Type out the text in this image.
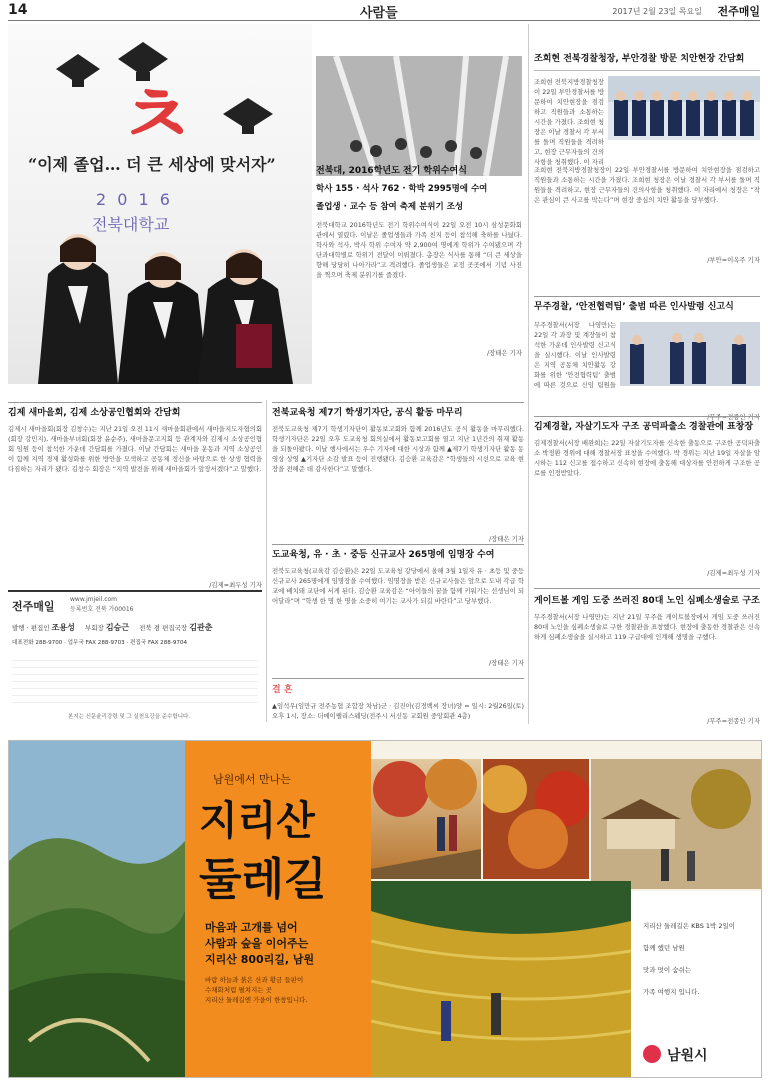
14	사람들	2017년 2월 23일 목요일 전주매일
ㅊ
“이제 졸업… 더 큰 세상에 맞서자”
2 0 1 6
전북대학교
전북대, 2016학년도 전기 학위수여식
학사 155 · 석사 762 · 학박 2995명에 수여
졸업생 · 교수 등 참여 축제 분위기 조성
전북대학교 2016학년도 전기 학위수여식이 22일 오전 10시 삼성문화회관에서 열렸다. 이날은 졸업생들과 가족 친지 등이 참석해 축하를 나눴다. 학사와 석사, 박사 학위 수여자 약 2,900여 명에게 학위가 수여됐으며 각 단과대학별로 학위기 전달이 이뤄졌다. 총장은 식사를 통해 “더 큰 세상을 향해 당당히 나아가라”고 격려했다. 졸업생들은 교정 곳곳에서 기념 사진을 찍으며 축제 분위기를 즐겼다.
/장태은 기자
조희현 전북경찰청장, 부안경찰 방문 치안현장 간담회
조희현 전북지방경찰청장이 22일 부안경찰서를 방문하여 치안현장을 점검하고 직원들과 소통하는 시간을 가졌다. 조희현 청장은 이날 경찰서 각 부서를 돌며 직원들을 격려하고, 현장 근무자들의 건의사항을 청취했다. 이 자리
조희현 전북지방경찰청장이 22일 부안경찰서를 방문하여 치안현장을 점검하고 직원들과 소통하는 시간을 가졌다. 조희현 청장은 이날 경찰서 각 부서를 돌며 직원들을 격려하고, 현장 근무자들의 건의사항을 청취했다. 이 자리에서 청장은 “작은 관심이 큰 사고를 막는다”며 현장 중심의 치안 활동을 당부했다.
/부안=이옥주 기자
무주경찰, ‘안전협력팀’ 출범 따른 인사발령 신고식
무주경찰서(서장 나영만)는 22일 각 과장 및 계장들이 참석한 가운데 인사발령 신고식을 실시했다. 이날 인사발령은 지역 공동체 치안활동 강화를 위한 ‘안전협력팀’ 출범에 따른 것으로 신임 팀원들
/무주=전종인 기자
김제경찰, 자살기도자 구조 공덕파출소 경찰관에 표창장
김제경찰서(서장 배완희)는 22일 자살기도자를 신속한 출동으로 구조한 공덕파출소 박정환 경위에 대해 경찰서장 표창을 수여했다. 박 경위는 지난 19일 자살을 암시하는 112 신고를 접수하고 신속히 현장에 출동해 대상자를 안전하게 구조한 공로를 인정받았다.
/김제=최두성 기자
게이트볼 게임 도중 쓰러진 80대 노인 심폐소생술로 구조
무주경찰서(서장 나영만)는 지난 21일 무주읍 게이트볼장에서 게임 도중 쓰러진 80대 노인을 심폐소생술로 구한 경찰관을 표창했다. 현장에 출동한 경찰관은 신속하게 심폐소생술을 실시하고 119 구급대에 인계해 생명을 구했다.
/무주=전종인 기자
김제 새마을회, 김제 소상공인협회와 간담회
김제시 새마을회(회장 김창수)는 지난 21일 오전 11시 새마을회관에서 새마을지도자협의회(회장 강민지), 새마을부녀회(회장 윤순주), 새마을문고지회 등 관계자와 김제시 소상공인협회 임원 등이 참석한 가운데 간담회를 가졌다. 이날 간담회는 새마을 운동과 지역 소상공인이 함께 지역 경제 활성화를 위한 방안을 모색하고 공동체 정신을 바탕으로 한 상생 협력을 다짐하는 자리가 됐다. 김창수 회장은 “지역 발전을 위해 새마을회가 앞장서겠다”고 말했다.
/김제=최두성 기자
전주매일
www.jmjeil.com
등록번호 전북 가00016
발행 · 편집인 조용성 부회장 김승근 전북 겸 편집국장 김관춘
대표전화 288-9700 · 업무국 FAX 288-9703 · 편집국 FAX 288-9704
본지는 신문윤리강령 및 그 실천요강을 준수합니다.
전북교육청 제7기 학생기자단, 공식 활동 마무리
전북도교육청 제7기 학생기자단이 활동보고회와 함께 2016년도 공식 활동을 마무리했다. 학생기자단은 22일 오후 도교육청 회의실에서 활동보고회를 열고 지난 1년간의 취재 활동을 되돌아봤다. 이날 행사에서는 우수 기자에 대한 시상과 함께 ▲제7기 학생기자단 활동 동영상 상영 ▲기자단 소감 발표 등이 진행됐다. 김승환 교육감은 “학생들의 시선으로 교육 현장을 전해준 데 감사한다”고 말했다.
/장태은 기자
도교육청, 유 · 초 · 중등 신규교사 265명에 임명장 수여
전북도교육청(교육감 김승환)은 22일 도교육청 강당에서 올해 3월 1일자 유 · 초등 및 중등 신규교사 265명에게 임명장을 수여했다. 임명장을 받은 신규교사들은 앞으로 도내 각급 학교에 배치돼 교단에 서게 된다. 김승환 교육감은 “아이들의 꿈을 함께 키워가는 선생님이 되어달라”며 “학생 한 명 한 명을 소중히 여기는 교사가 되길 바란다”고 당부했다.
/장태은 기자
결 혼
▲임석우(임만규 전주농협 조합장 차남)군 · 김진아(김경백씨 장녀)양 = 일시: 2월26일(토) 오후 1시, 장소: 더메이팰리스웨딩(전주시 서신동 교회원 중앙회관 4층)
남원에서 만나는
지리산
둘레길
마음과 고개를 넘어
사람과 숲을 이어주는
지리산 800리길, 남원
바람 하늘과 붉은 산과 황금 들판이
수채화처럼 펼쳐지는 곳
지리산 둘레길엔 가을이 한창입니다.
지리산 둘레길은 KBS 1박 2일이
함께 했던 남원
맛과 멋이 숨쉬는
가족 여행지 입니다.
남원시
